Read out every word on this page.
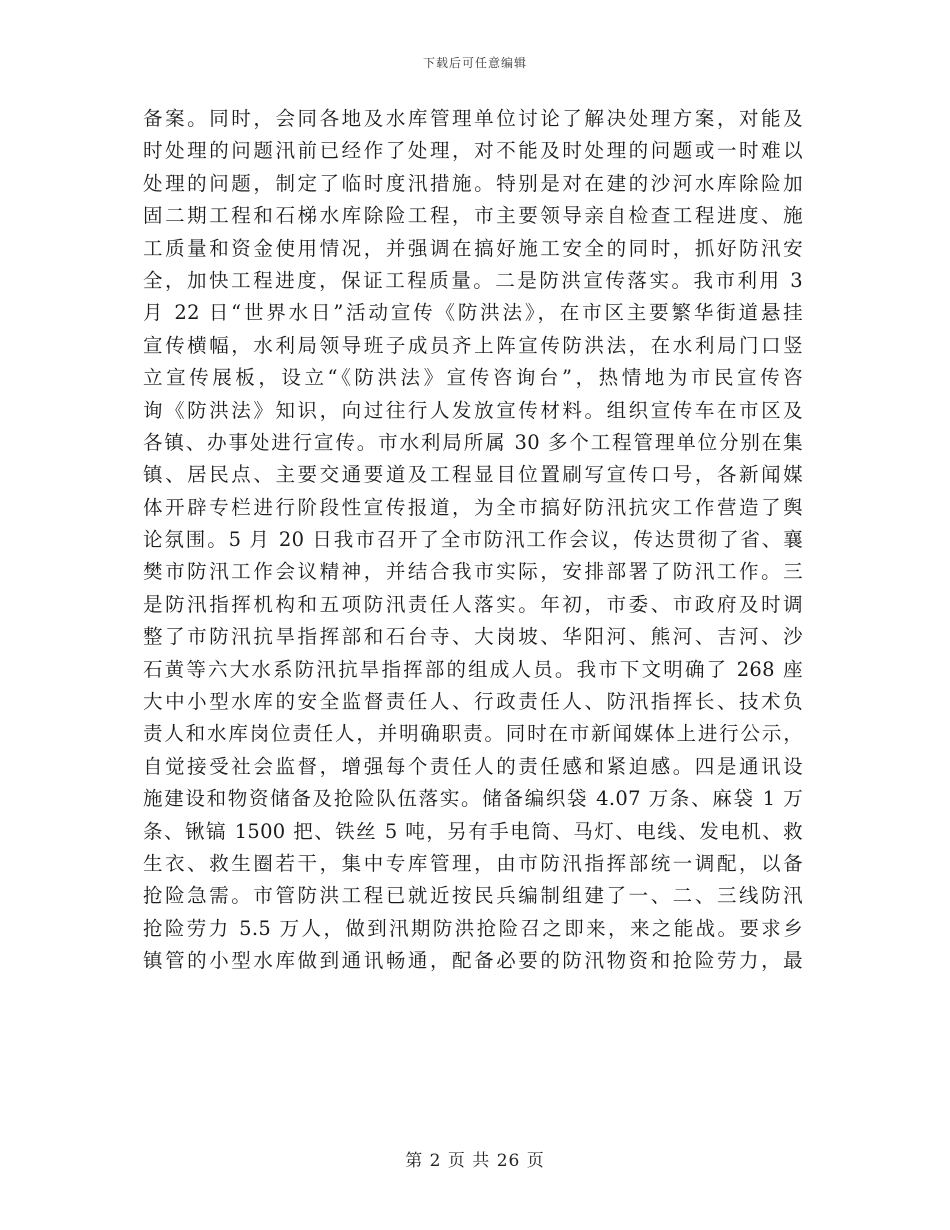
下载后可任意编辑
备案。同时，会同各地及水库管理单位讨论了解决处理方案，对能及
时处理的问题汛前已经作了处理，对不能及时处理的问题或一时难以
处理的问题，制定了临时度汛措施。特别是对在建的沙河水库除险加
固二期工程和石梯水库除险工程，市主要领导亲自检查工程进度、施
工质量和资金使用情况，并强调在搞好施工安全的同时，抓好防汛安
全，加快工程进度，保证工程质量。二是防洪宣传落实。我市利用 3
月 22 日“世界水日”活动宣传《防洪法》，在市区主要繁华街道悬挂
宣传横幅，水利局领导班子成员齐上阵宣传防洪法，在水利局门口竖
立宣传展板，设立“《防洪法》宣传咨询台”，热情地为市民宣传咨
询《防洪法》知识，向过往行人发放宣传材料。组织宣传车在市区及
各镇、办事处进行宣传。市水利局所属 30 多个工程管理单位分别在集
镇、居民点、主要交通要道及工程显目位置刷写宣传口号，各新闻媒
体开辟专栏进行阶段性宣传报道，为全市搞好防汛抗灾工作营造了舆
论氛围。5 月 20 日我市召开了全市防汛工作会议，传达贯彻了省、襄
樊市防汛工作会议精神，并结合我市实际，安排部署了防汛工作。三
是防汛指挥机构和五项防汛责任人落实。年初，市委、市政府及时调
整了市防汛抗旱指挥部和石台寺、大岗坡、华阳河、熊河、吉河、沙
石黄等六大水系防汛抗旱指挥部的组成人员。我市下文明确了 268 座
大中小型水库的安全监督责任人、行政责任人、防汛指挥长、技术负
责人和水库岗位责任人，并明确职责。同时在市新闻媒体上进行公示，
自觉接受社会监督，增强每个责任人的责任感和紧迫感。四是通讯设
施建设和物资储备及抢险队伍落实。储备编织袋 4.07 万条、麻袋 1 万
条、锹镐 1500 把、铁丝 5 吨，另有手电筒、马灯、电线、发电机、救
生衣、救生圈若干，集中专库管理，由市防汛指挥部统一调配，以备
抢险急需。市管防洪工程已就近按民兵编制组建了一、二、三线防汛
抢险劳力 5.5 万人，做到汛期防洪抢险召之即来，来之能战。要求乡
镇管的小型水库做到通讯畅通，配备必要的防汛物资和抢险劳力，最
第 2 页 共 26 页
